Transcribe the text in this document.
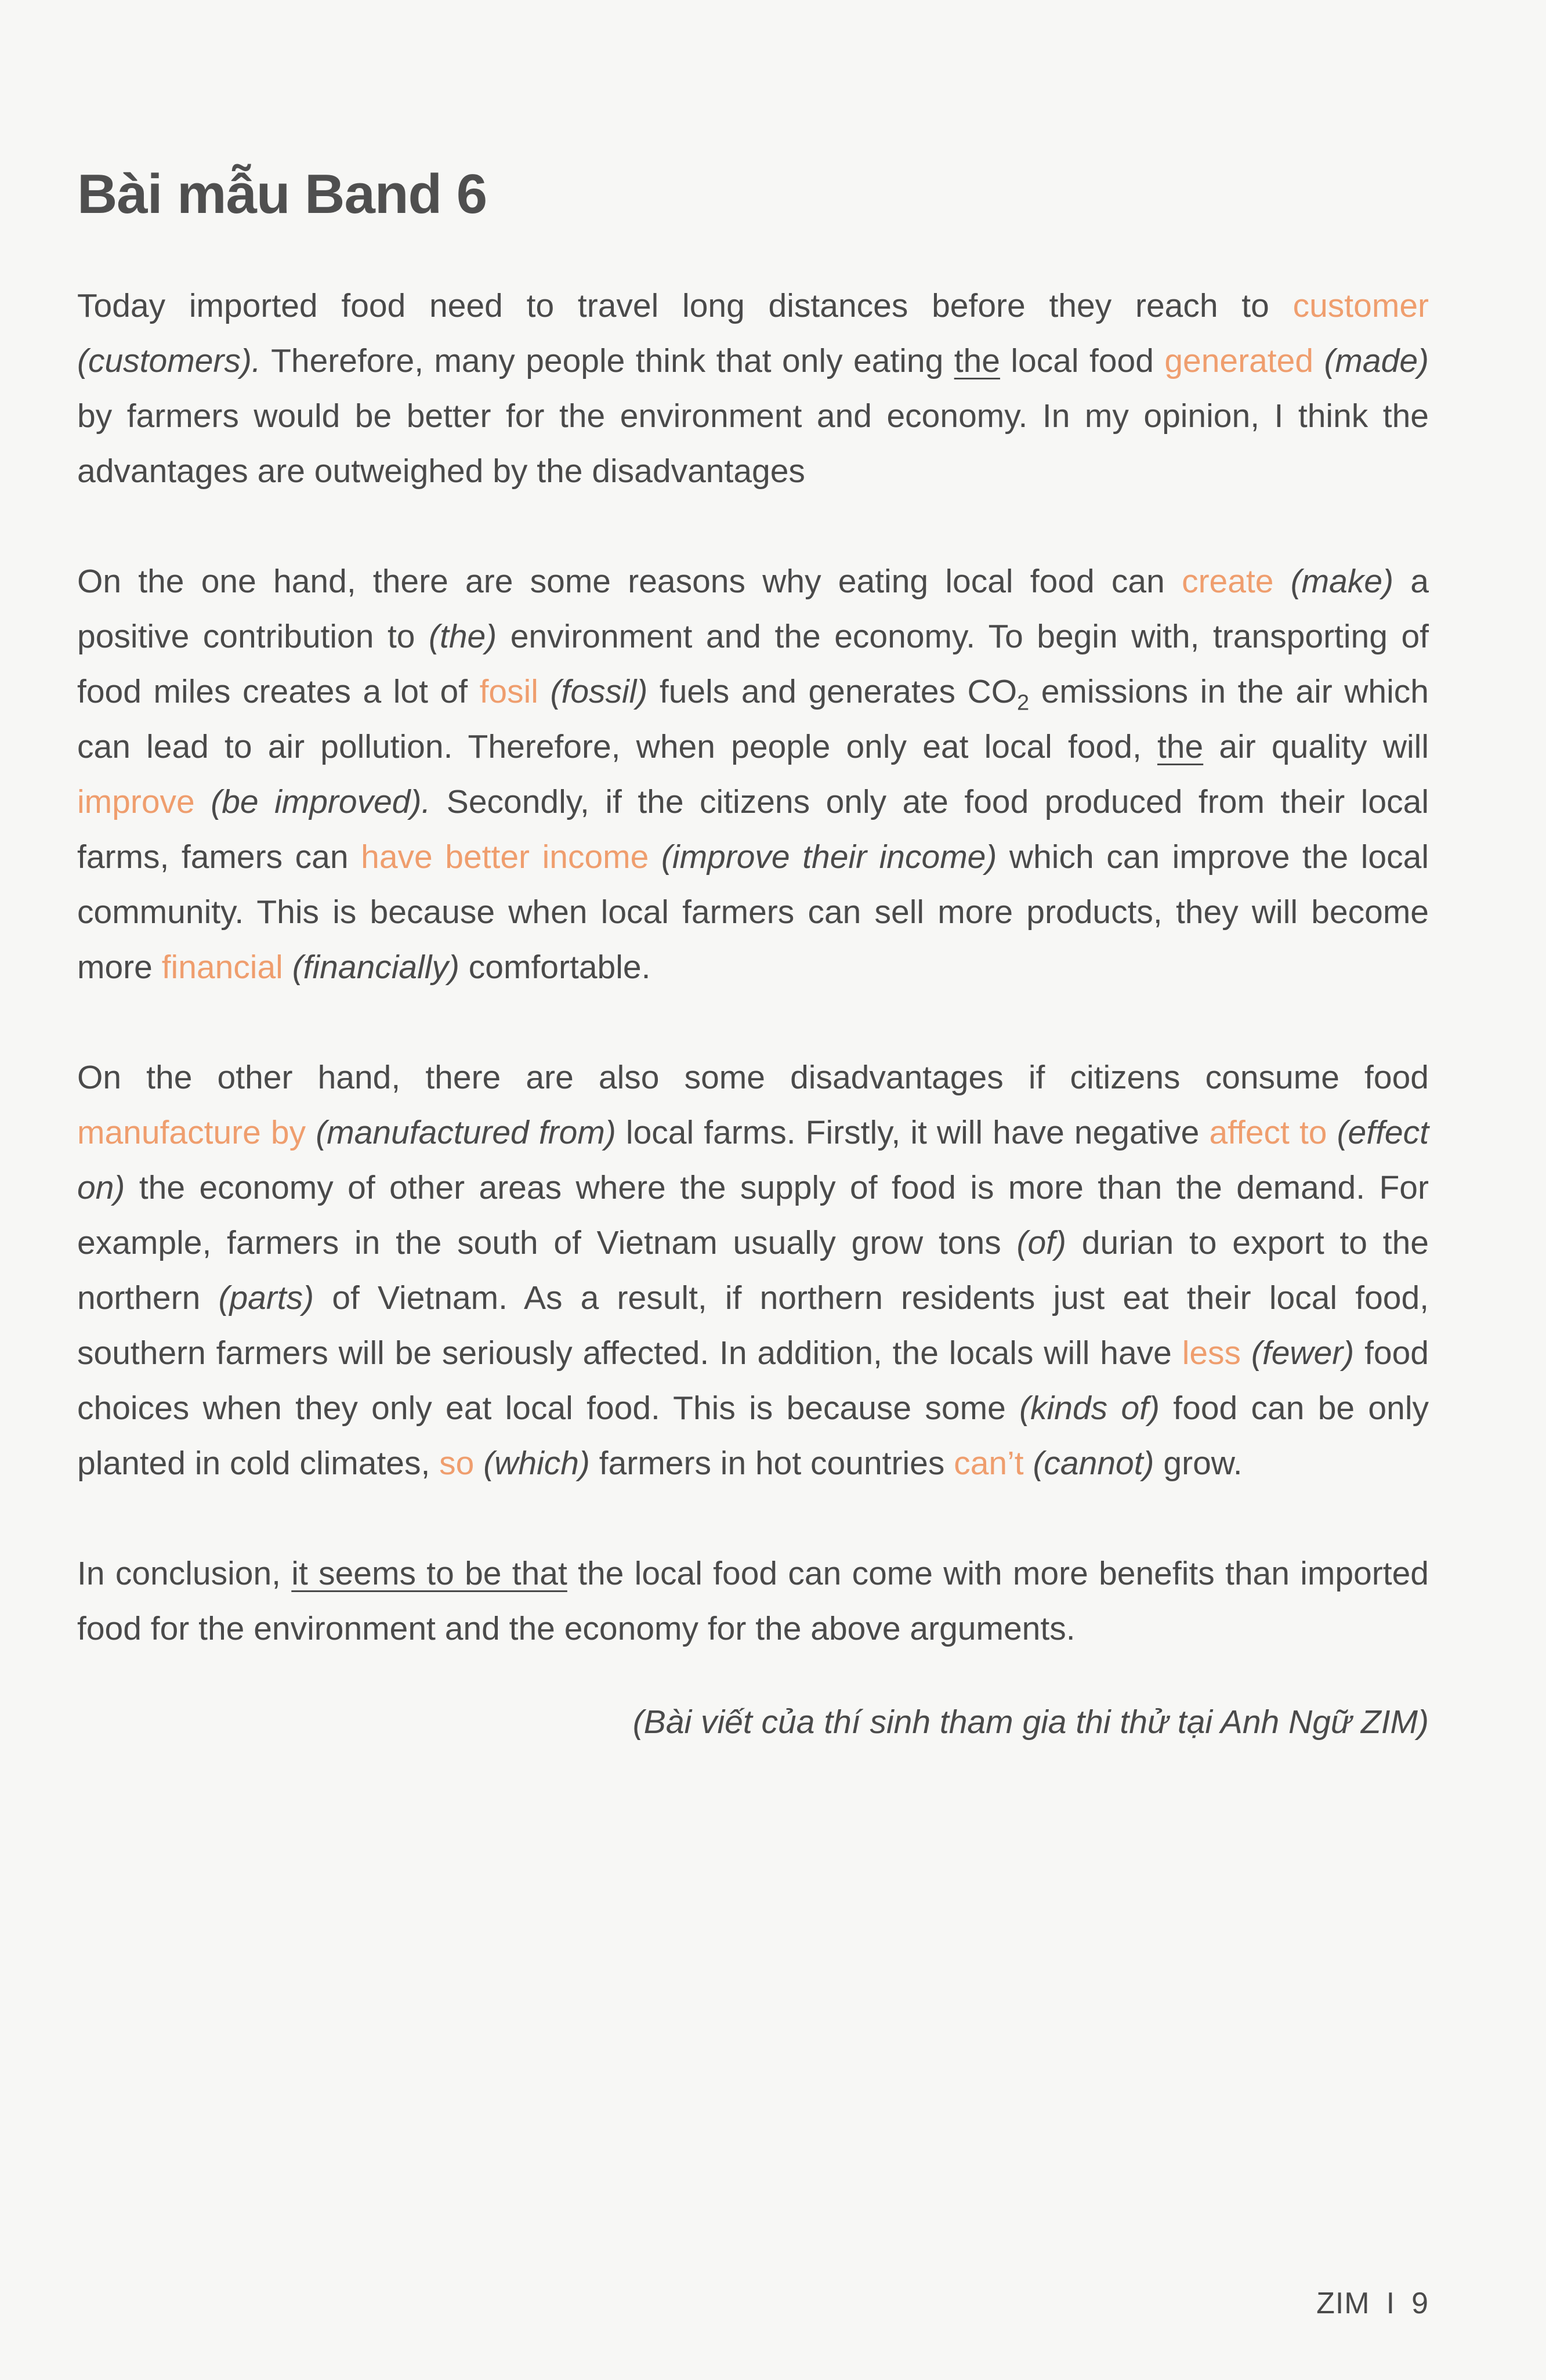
Bài mẫu Band 6

Today imported food need to travel long distances before they reach to customer (customers). Therefore, many people think that only eating the local food generated (made) by farmers would be better for the environment and economy. In my opinion, I think the advantages are outweighed by the disadvantages

On the one hand, there are some reasons why eating local food can create (make) a positive contribution to (the) environment and the economy. To begin with, transporting of food miles creates a lot of fosil (fossil) fuels and generates $CO_2$ emissions in the air which can lead to air pollution. Therefore, when people only eat local food, the air quality will improve (be improved). Secondly, if the citizens only ate food produced from their local farms, famers can have better income (improve their income) which can improve the local community. This is because when local farmers can sell more products, they will become more financial (financially) comfortable.

On the other hand, there are also some disadvantages if citizens consume food manufacture by (manufactured from) local farms. Firstly, it will have negative affect to (effect on) the economy of other areas where the supply of food is more than the demand. For example, farmers in the south of Vietnam usually grow tons (of) durian to export to the northern (parts) of Vietnam. As a result, if northern residents just eat their local food, southern farmers will be seriously affected. In addition, the locals will have less (fewer) food choices when they only eat local food. This is because some (kinds of) food can be only planted in cold climates, so (which) farmers in hot countries can’t (cannot) grow.

In conclusion, it seems to be that the local food can come with more benefits than imported food for the environment and the economy for the above arguments.

(Bài viết của thí sinh tham gia thi thử tại Anh Ngữ ZIM)

ZIM I 9
